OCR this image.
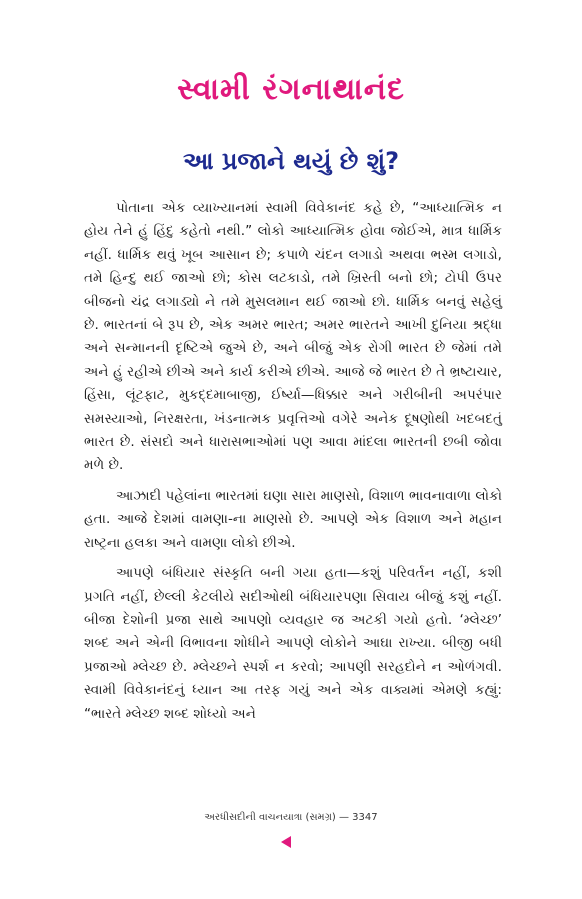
સ્વામી રંગનાથાનંદ
આ પ્રજાને થયું છે શું?

પોતાના એક વ્યાખ્યાનમાં સ્વામી વિવેકાનંદ કહે છે, “આધ્યાત્મિક ન હોય તેને હું હિંદુ કહેતો નથી.” લોકો આધ્યાત્મિક હોવા જોઈએ, માત્ર ધાર્મિક નહીં. ધાર્મિક થવું ખૂબ આસાન છે; કપાળે ચંદન લગાડો અથવા ભસ્મ લગાડો, તમે હિન્દુ થઈ જાઓ છો; કોસ લટકાડો, તમે ખ્રિસ્તી બનો છો; ટોપી ઉપર બીજનો ચંદ્ર લગાડ્યો ને તમે મુસલમાન થઈ જાઓ છો. ધાર્મિક બનવું સહેલું છે. ભારતનાં બે રૂપ છે, એક અમર ભારત; અમર ભારતને આખી દુનિયા શ્રદ્ધા અને સન્માનની દૃષ્ટિએ જુએ છે, અને બીજું એક રોગી ભારત છે જેમાં તમે અને હું રહીએ છીએ અને કાર્ય કરીએ છીએ. આજે જે ભારત છે તે ભ્રષ્ટાચાર, હિંસા, લૂંટફાટ, મુકદ્દમાબાજી, ઈર્ષ્યા—ધિક્કાર અને ગરીબીની અપરંપાર સમસ્યાઓ, નિરક્ષરતા, ખંડનાત્મક પ્રવૃત્તિઓ વગેરે અનેક દૂષણોથી ખદબદતું ભારત છે. સંસદો અને ધારાસભાઓમાં પણ આવા માંદલા ભારતની છબી જોવા મળે છે.

આઝાદી પહેલાંના ભારતમાં ઘણા સારા માણસો, વિશાળ ભાવનાવાળા લોકો હતા. આજે દેશમાં વામણા-ના માણસો છે. આપણે એક વિશાળ અને મહાન રાષ્ટ્રના હલકા અને વામણા લોકો છીએ.

આપણે બંધિયાર સંસ્કૃતિ બની ગયા હતા—કશું પરિવર્તન નહીં, કશી પ્રગતિ નહીં, છેલ્લી કેટલીયે સદીઓથી બંધિયારપણા સિવાય બીજું કશું નહીં. બીજા દેશોની પ્રજા સાથે આપણો વ્યવહાર જ અટકી ગયો હતો. ‘મ્લેચ્છ’ શબ્દ અને એની વિભાવના શોધીને આપણે લોકોને આઘા રાખ્યા. બીજી બધી પ્રજાઓ મ્લેચ્છ છે. મ્લેચ્છને સ્પર્શ ન કરવો; આપણી સરહદોને ન ઓળંગવી. સ્વામી વિવેકાનંદનું ધ્યાન આ તરફ ગયું અને એક વાક્યમાં એમણે કહ્યું: “ભારતે મ્લેચ્છ શબ્દ શોધ્યો અને

અરધીસદીની વાચનયાત્રા (સમગ્ર) — 3347
